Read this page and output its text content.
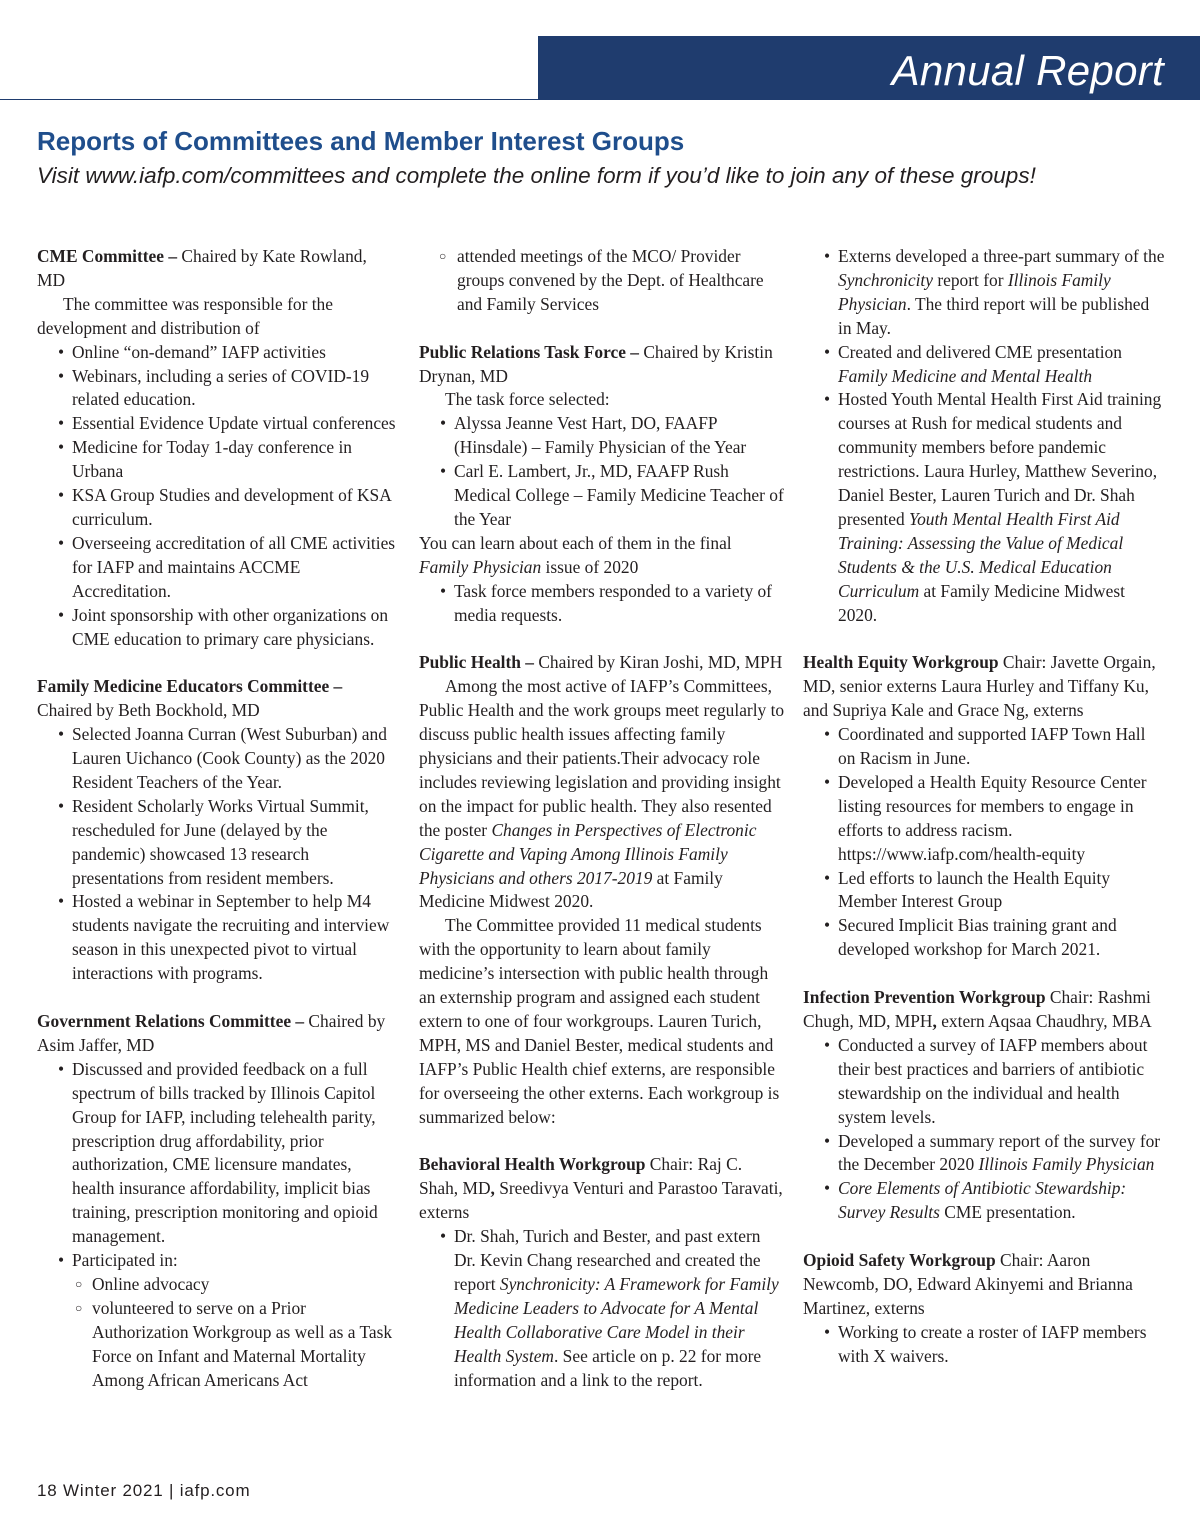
Annual Report
Reports of Committees and Member Interest Groups

Visit www.iafp.com/committees and complete the online form if you’d like to join any of these groups!

CME Committee – Chaired by Kate Rowland, MD

The committee was responsible for the development and distribution of

• Online “on-demand” IAFP activities
• Webinars, including a series of COVID-19 related education.
• Essential Evidence Update virtual conferences
• Medicine for Today 1-day conference in Urbana
• KSA Group Studies and development of KSA curriculum.
• Overseeing accreditation of all CME activities for IAFP and maintains ACCME Accreditation.
• Joint sponsorship with other organizations on CME education to primary care physicians.

Family Medicine Educators Committee – Chaired by Beth Bockhold, MD

• Selected Joanna Curran (West Suburban) and Lauren Uichanco (Cook County) as the 2020 Resident Teachers of the Year.
• Resident Scholarly Works Virtual Summit, rescheduled for June (delayed by the pandemic) showcased 13 research presentations from resident members.
• Hosted a webinar in September to help M4 students navigate the recruiting and interview season in this unexpected pivot to virtual interactions with programs.

Government Relations Committee – Chaired by Asim Jaffer, MD

• Discussed and provided feedback on a full spectrum of bills tracked by Illinois Capitol Group for IAFP, including telehealth parity, prescription drug affordability, prior authorization, CME licensure mandates, health insurance affordability, implicit bias training, prescription monitoring and opioid management.
• Participated in:
○ Online advocacy
○ volunteered to serve on a Prior Authorization Workgroup as well as a Task Force on Infant and Maternal Mortality Among African Americans Act
○ attended meetings of the MCO/ Provider groups convened by the Dept. of Healthcare and Family Services

Public Relations Task Force – Chaired by Kristin Drynan, MD

The task force selected:

• Alyssa Jeanne Vest Hart, DO, FAAFP (Hinsdale) – Family Physician of the Year
• Carl E. Lambert, Jr., MD, FAAFP Rush Medical College – Family Medicine Teacher of the Year

You can learn about each of them in the final Family Physician issue of 2020

• Task force members responded to a variety of media requests.

Public Health – Chaired by Kiran Joshi, MD, MPH

Among the most active of IAFP’s Committees, Public Health and the work groups meet regularly to discuss public health issues affecting family physicians and their patients.Their advocacy role includes reviewing legislation and providing insight on the impact for public health. They also resented the poster Changes in Perspectives of Electronic Cigarette and Vaping Among Illinois Family Physicians and others 2017-2019 at Family Medicine Midwest 2020.

The Committee provided 11 medical students with the opportunity to learn about family medicine’s intersection with public health through an externship program and assigned each student extern to one of four workgroups. Lauren Turich, MPH, MS and Daniel Bester, medical students and IAFP’s Public Health chief externs, are responsible for overseeing the other externs. Each workgroup is summarized below:

Behavioral Health Workgroup Chair: Raj C. Shah, MD, Sreedivya Venturi and Parastoo Taravati, externs

• Dr. Shah, Turich and Bester, and past extern Dr. Kevin Chang researched and created the report Synchronicity: A Framework for Family Medicine Leaders to Advocate for A Mental Health Collaborative Care Model in their Health System. See article on p. 22 for more information and a link to the report.
• Externs developed a three-part summary of the Synchronicity report for Illinois Family Physician. The third report will be published in May.
• Created and delivered CME presentation Family Medicine and Mental Health
• Hosted Youth Mental Health First Aid training courses at Rush for medical students and community members before pandemic restrictions. Laura Hurley, Matthew Severino, Daniel Bester, Lauren Turich and Dr. Shah presented Youth Mental Health First Aid Training: Assessing the Value of Medical Students & the U.S. Medical Education Curriculum at Family Medicine Midwest 2020.

Health Equity Workgroup Chair: Javette Orgain, MD, senior externs Laura Hurley and Tiffany Ku, and Supriya Kale and Grace Ng, externs

• Coordinated and supported IAFP Town Hall on Racism in June.
• Developed a Health Equity Resource Center listing resources for members to engage in efforts to address racism. https://www.iafp.com/health-equity
• Led efforts to launch the Health Equity Member Interest Group
• Secured Implicit Bias training grant and developed workshop for March 2021.

Infection Prevention Workgroup Chair: Rashmi Chugh, MD, MPH, extern Aqsaa Chaudhry, MBA

• Conducted a survey of IAFP members about their best practices and barriers of antibiotic stewardship on the individual and health system levels.
• Developed a summary report of the survey for the December 2020 Illinois Family Physician
• Core Elements of Antibiotic Stewardship: Survey Results CME presentation.

Opioid Safety Workgroup Chair: Aaron Newcomb, DO, Edward Akinyemi and Brianna Martinez, externs

• Working to create a roster of IAFP members with X waivers.
18 Winter 2021 | iafp.com
